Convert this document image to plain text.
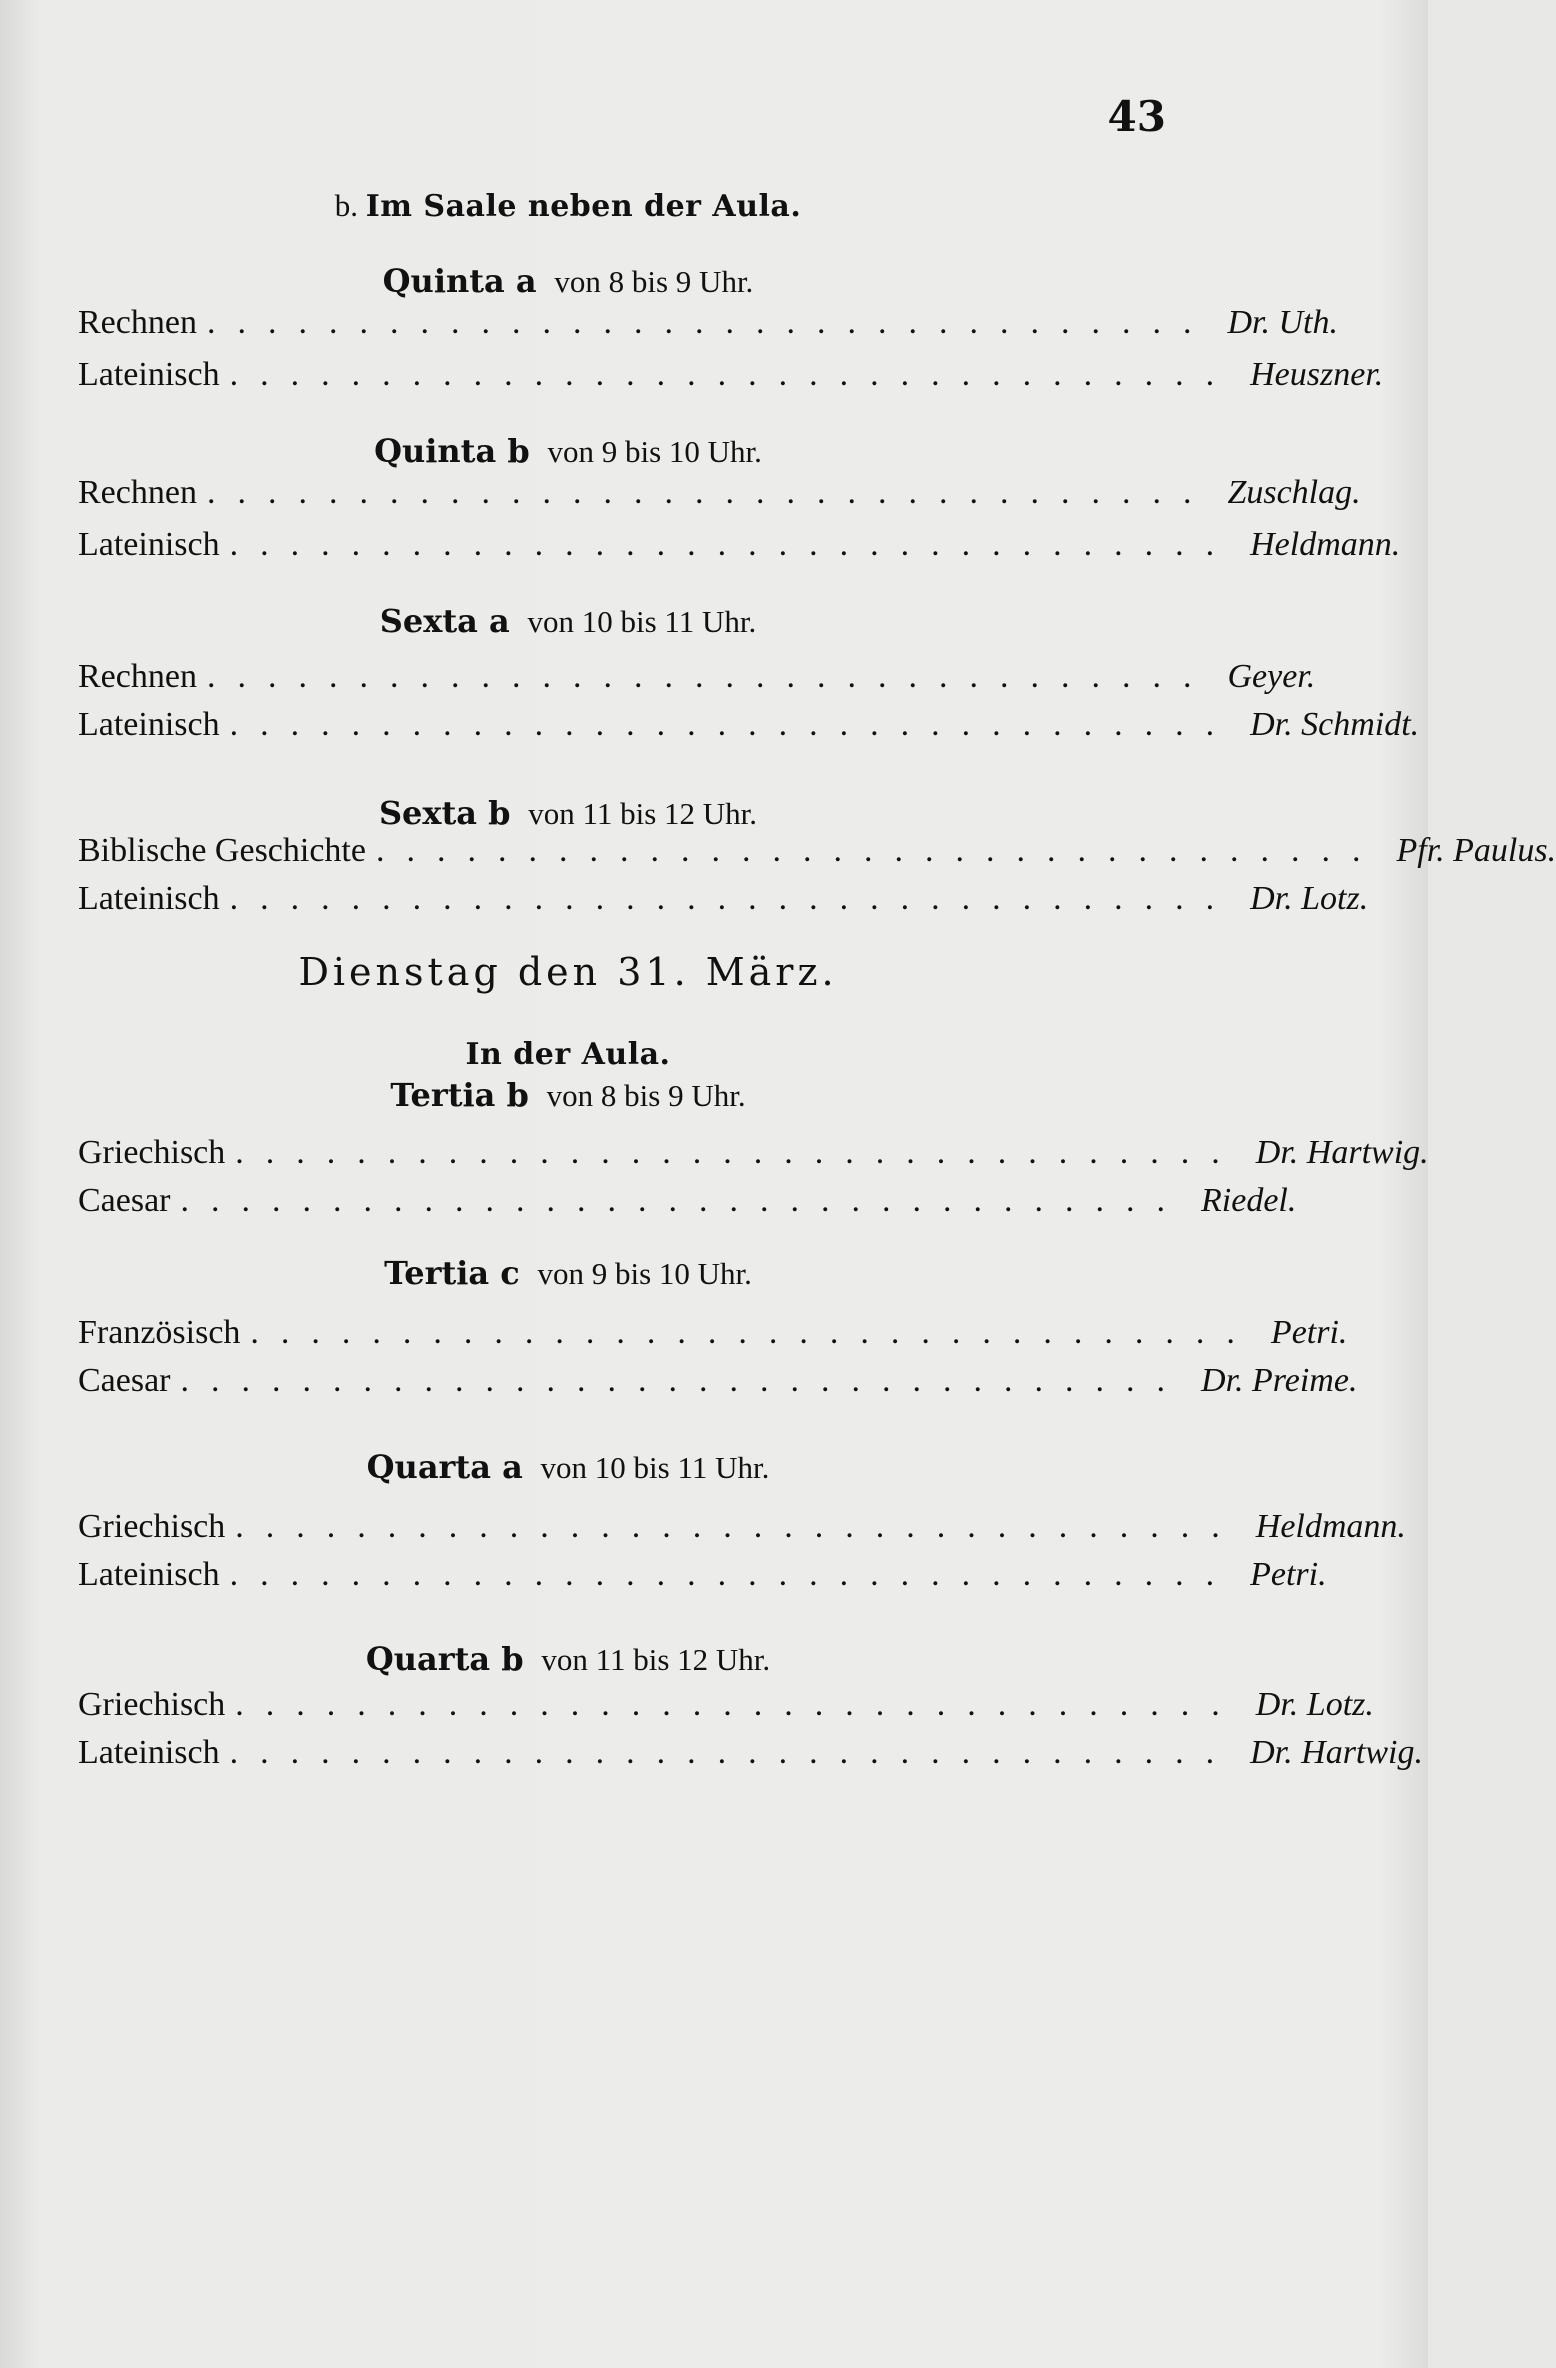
43
b. Im Saale neben der Aula.
Quinta a von 8 bis 9 Uhr.
Rechnen ................................. Dr. Uth.
Lateinisch ................................. Heuszner.
Quinta b von 9 bis 10 Uhr.
Rechnen ................................. Zuschlag.
Lateinisch ................................. Heldmann.
Sexta a von 10 bis 11 Uhr.
Rechnen ................................. Geyer.
Lateinisch ................................. Dr. Schmidt.
Sexta b von 11 bis 12 Uhr.
Biblische Geschichte ................................. Pfr. Paulus.
Lateinisch ................................. Dr. Lotz.
Dienstag den 31. März.
In der Aula.
Tertia b von 8 bis 9 Uhr.
Griechisch ................................. Dr. Hartwig.
Caesar ................................. Riedel.
Tertia c von 9 bis 10 Uhr.
Französisch ................................. Petri.
Caesar ................................. Dr. Preime.
Quarta a von 10 bis 11 Uhr.
Griechisch ................................. Heldmann.
Lateinisch ................................. Petri.
Quarta b von 11 bis 12 Uhr.
Griechisch ................................. Dr. Lotz.
Lateinisch ................................. Dr. Hartwig.
